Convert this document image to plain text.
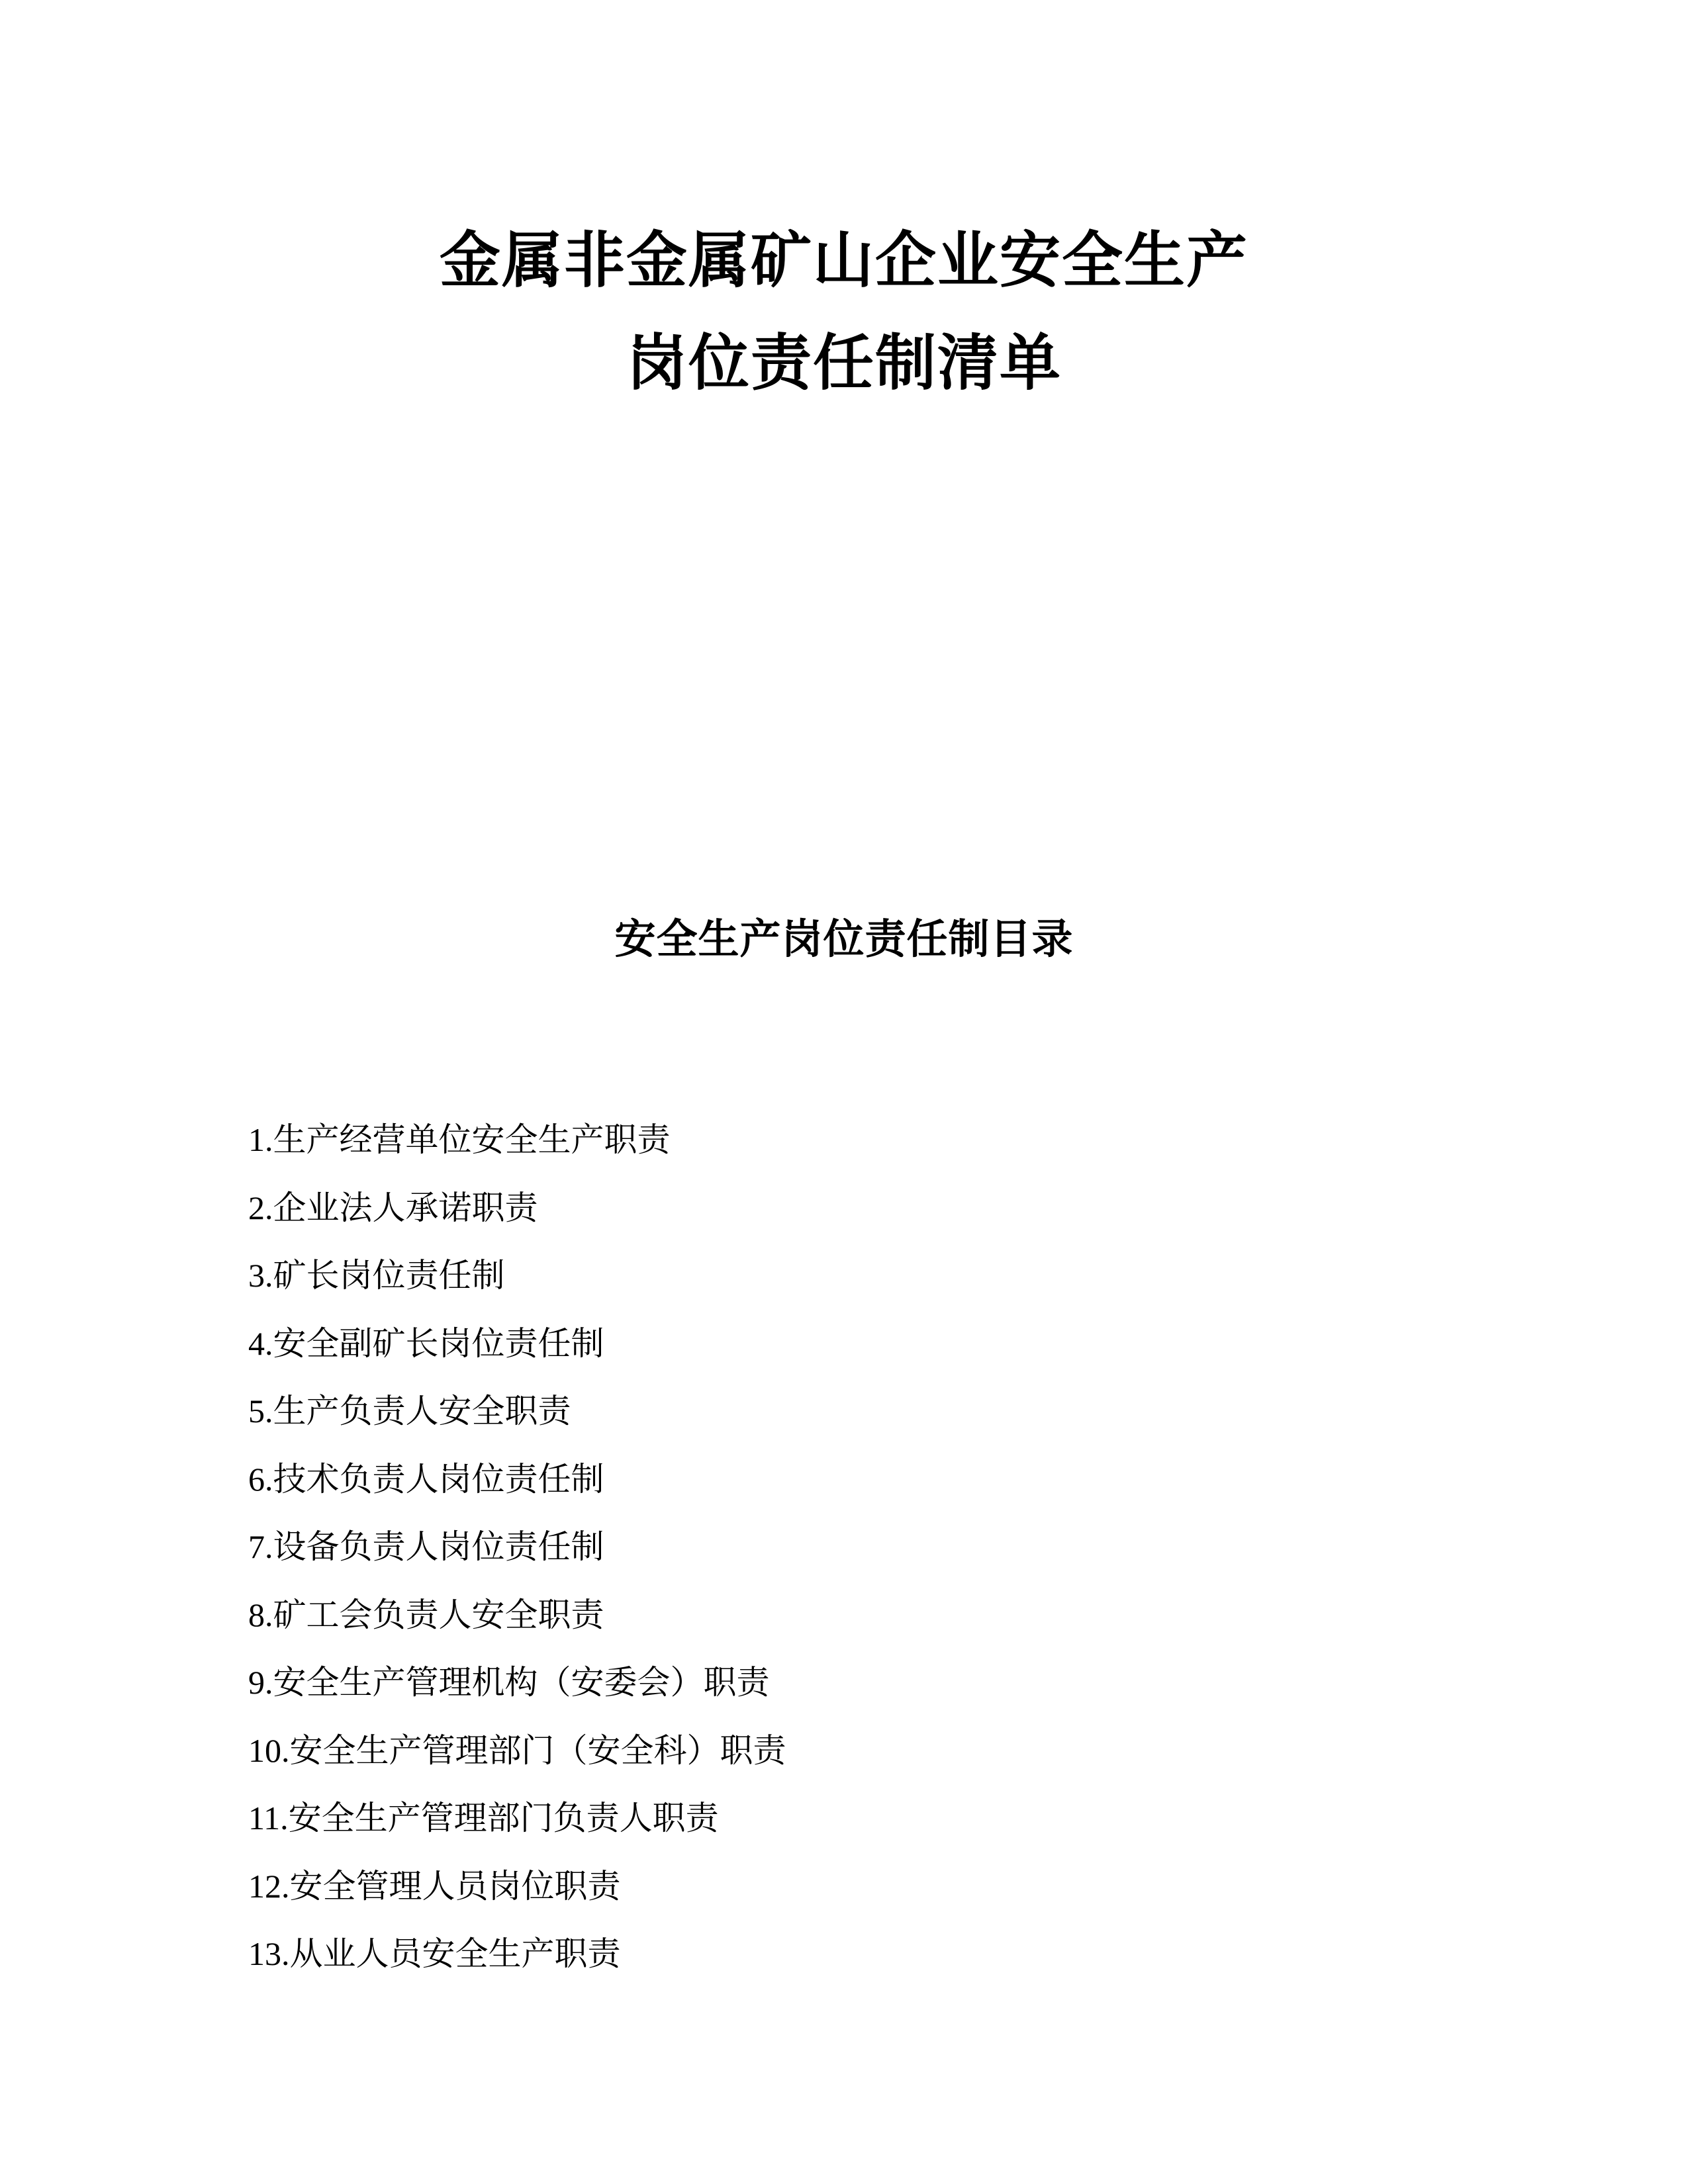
金属非金属矿山企业安全生产
岗位责任制清单
安全生产岗位责任制目录
1.生产经营单位安全生产职责
2.企业法人承诺职责
3.矿长岗位责任制
4.安全副矿长岗位责任制
5.生产负责人安全职责
6.技术负责人岗位责任制
7.设备负责人岗位责任制
8.矿工会负责人安全职责
9.安全生产管理机构（安委会）职责
10.安全生产管理部门（安全科）职责
11.安全生产管理部门负责人职责
12.安全管理人员岗位职责
13.从业人员安全生产职责
